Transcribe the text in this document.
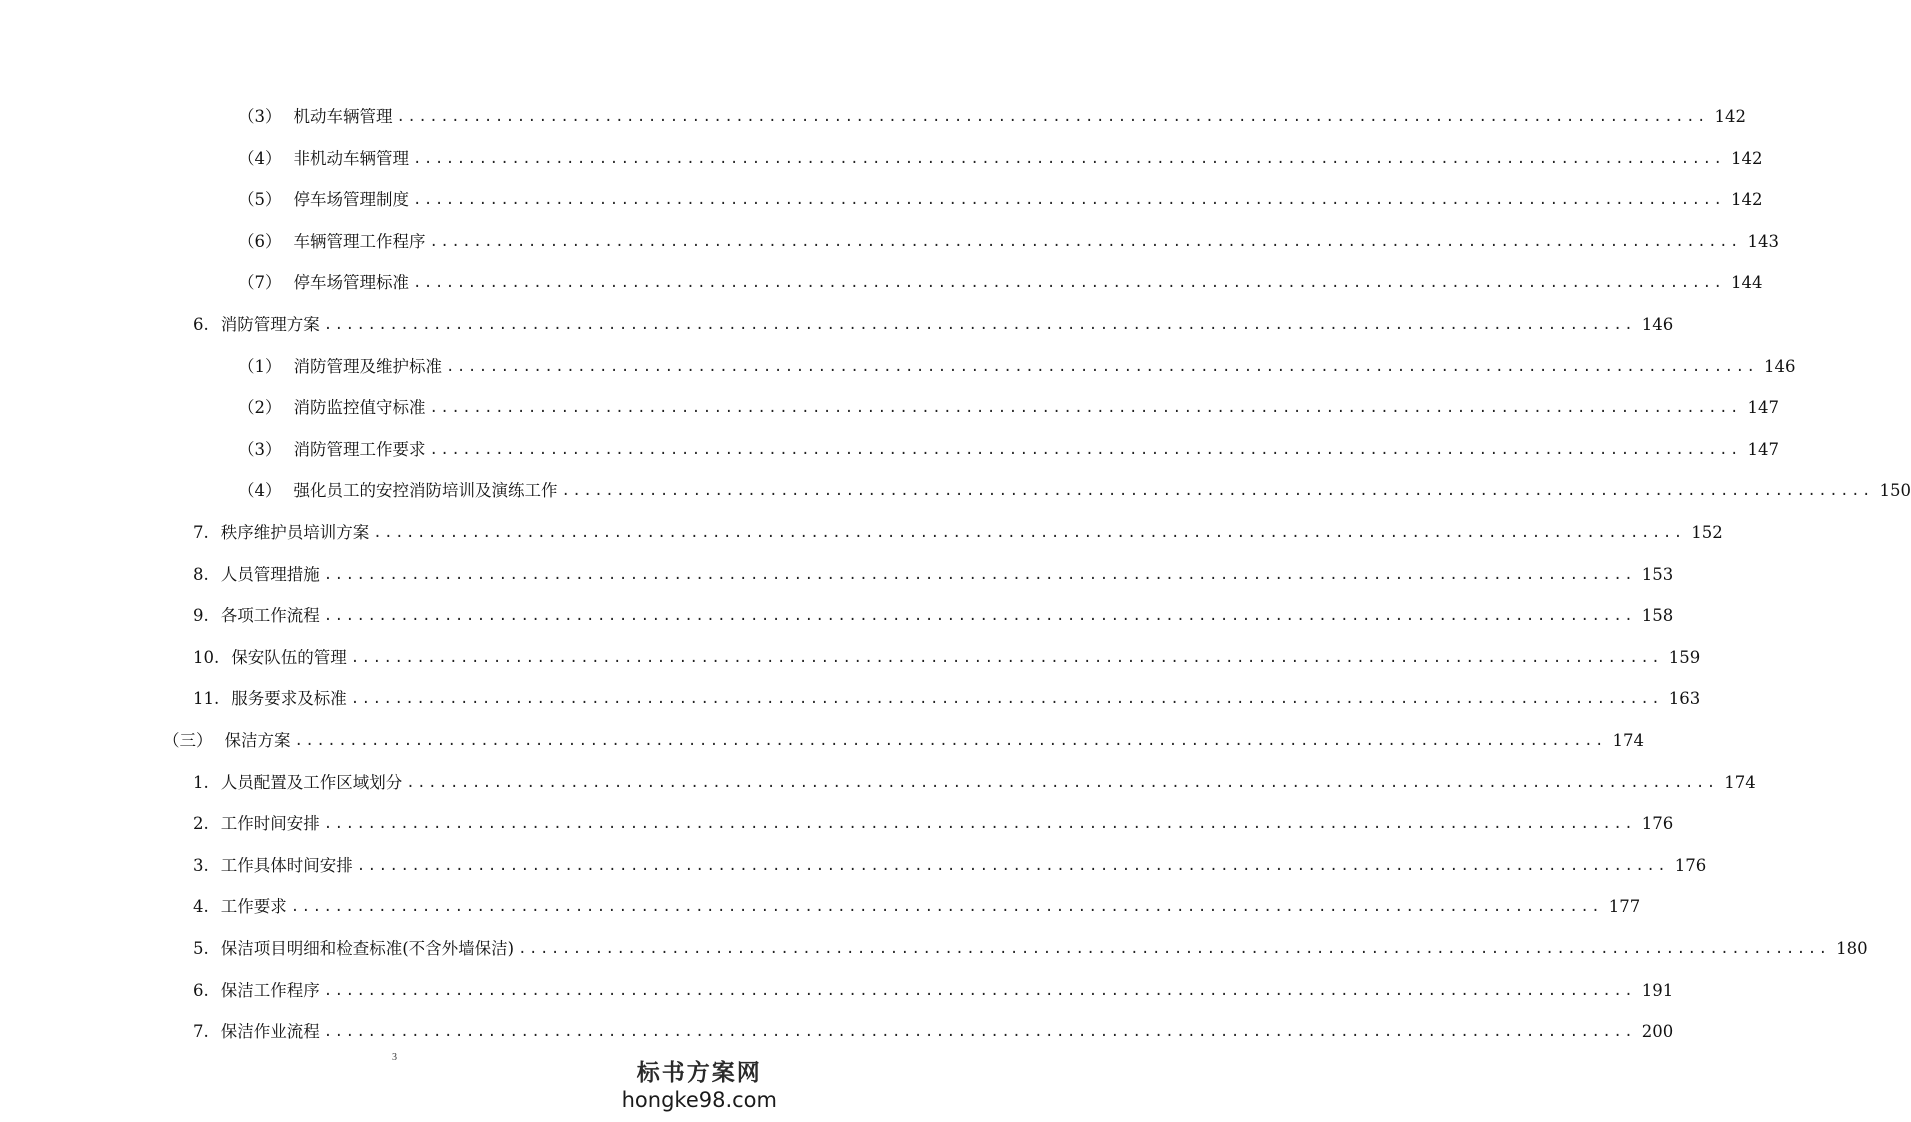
（3） 机动车辆管理 ........................................................................................................................ 142
（4） 非机动车辆管理 ........................................................................................................................ 142
（5） 停车场管理制度 ........................................................................................................................ 142
（6） 车辆管理工作程序 ........................................................................................................................ 143
（7） 停车场管理标准 ........................................................................................................................ 144
6. 消防管理方案 ........................................................................................................................ 146
（1） 消防管理及维护标准 ........................................................................................................................ 146
（2） 消防监控值守标准 ........................................................................................................................ 147
（3） 消防管理工作要求 ........................................................................................................................ 147
（4） 强化员工的安控消防培训及演练工作 ........................................................................................................................ 150
7. 秩序维护员培训方案 ........................................................................................................................ 152
8. 人员管理措施 ........................................................................................................................ 153
9. 各项工作流程 ........................................................................................................................ 158
10. 保安队伍的管理 ........................................................................................................................ 159
11. 服务要求及标准 ........................................................................................................................ 163
（三） 保洁方案 ........................................................................................................................ 174
1. 人员配置及工作区域划分 ........................................................................................................................ 174
2. 工作时间安排 ........................................................................................................................ 176
3. 工作具体时间安排 ........................................................................................................................ 176
4. 工作要求 ........................................................................................................................ 177
5. 保洁项目明细和检查标准(不含外墙保洁) ........................................................................................................................ 180
6. 保洁工作程序 ........................................................................................................................ 191
7. 保洁作业流程 ........................................................................................................................ 200
3
标书方案网
hongke98.com
